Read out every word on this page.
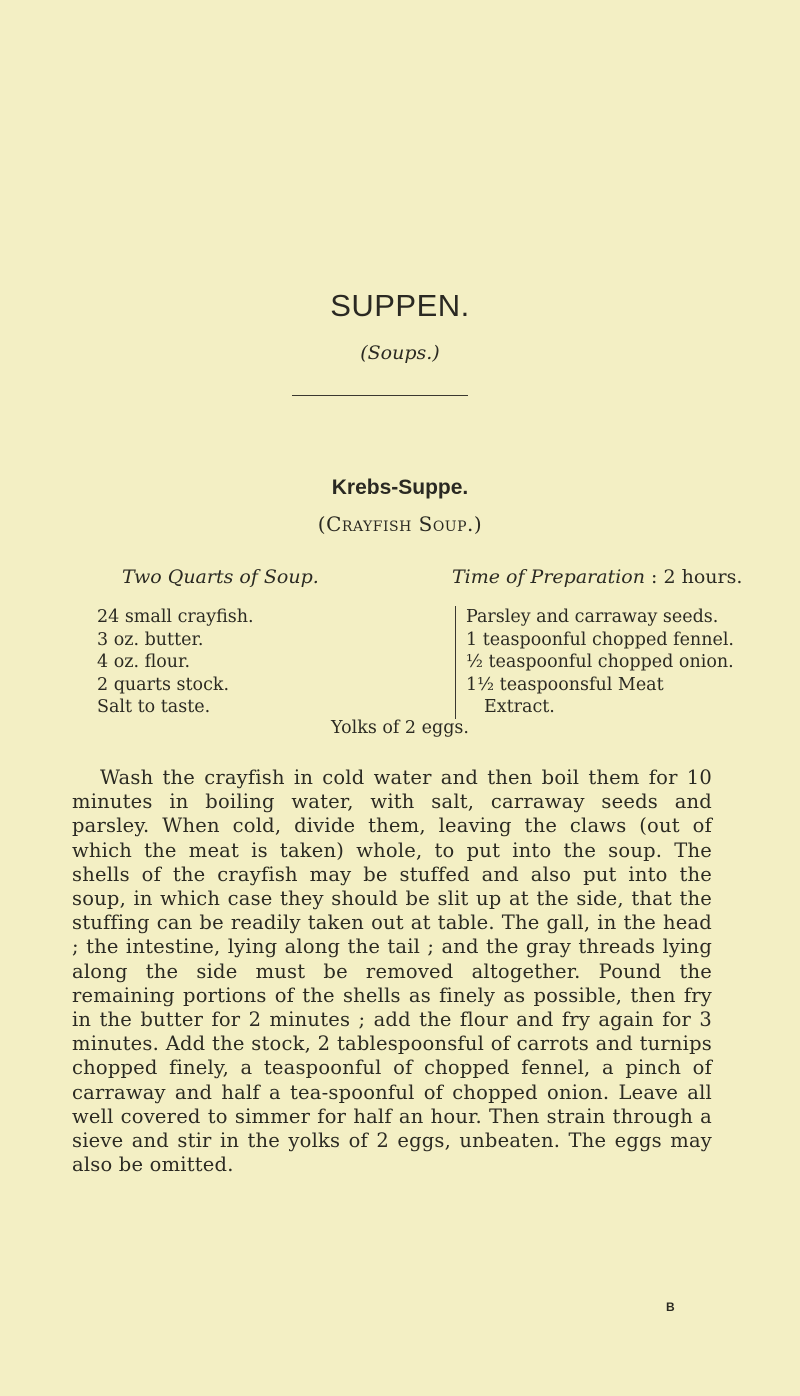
SUPPEN.
(Soups.)
Krebs-Suppe.
(Crayfish Soup.)
Two Quarts of Soup.	Time of Preparation : 2 hours.
24 small crayfish.
3 oz. butter.
4 oz. flour.
2 quarts stock.
Salt to taste.
Parsley and carraway seeds.
1 teaspoonful chopped fennel.
½ teaspoonful chopped onion.
1½ teaspoonsful Meat
Extract.
Yolks of 2 eggs.
Wash the crayfish in cold water and then boil them for 10 minutes in boiling water, with salt, carraway seeds and parsley. When cold, divide them, leaving the claws (out of which the meat is taken) whole, to put into the soup. The shells of the crayfish may be stuffed and also put into the soup, in which case they should be slit up at the side, that the stuffing can be readily taken out at table. The gall, in the head ; the intestine, lying along the tail ; and the gray threads lying along the side must be removed altogether. Pound the remaining portions of the shells as finely as possible, then fry in the butter for 2 minutes ; add the flour and fry again for 3 minutes. Add the stock, 2 tablespoonsful of carrots and turnips chopped finely, a teaspoonful of chopped fennel, a pinch of carraway and half a tea-spoonful of chopped onion. Leave all well covered to simmer for half an hour. Then strain through a sieve and stir in the yolks of 2 eggs, unbeaten. The eggs may also be omitted.
B
